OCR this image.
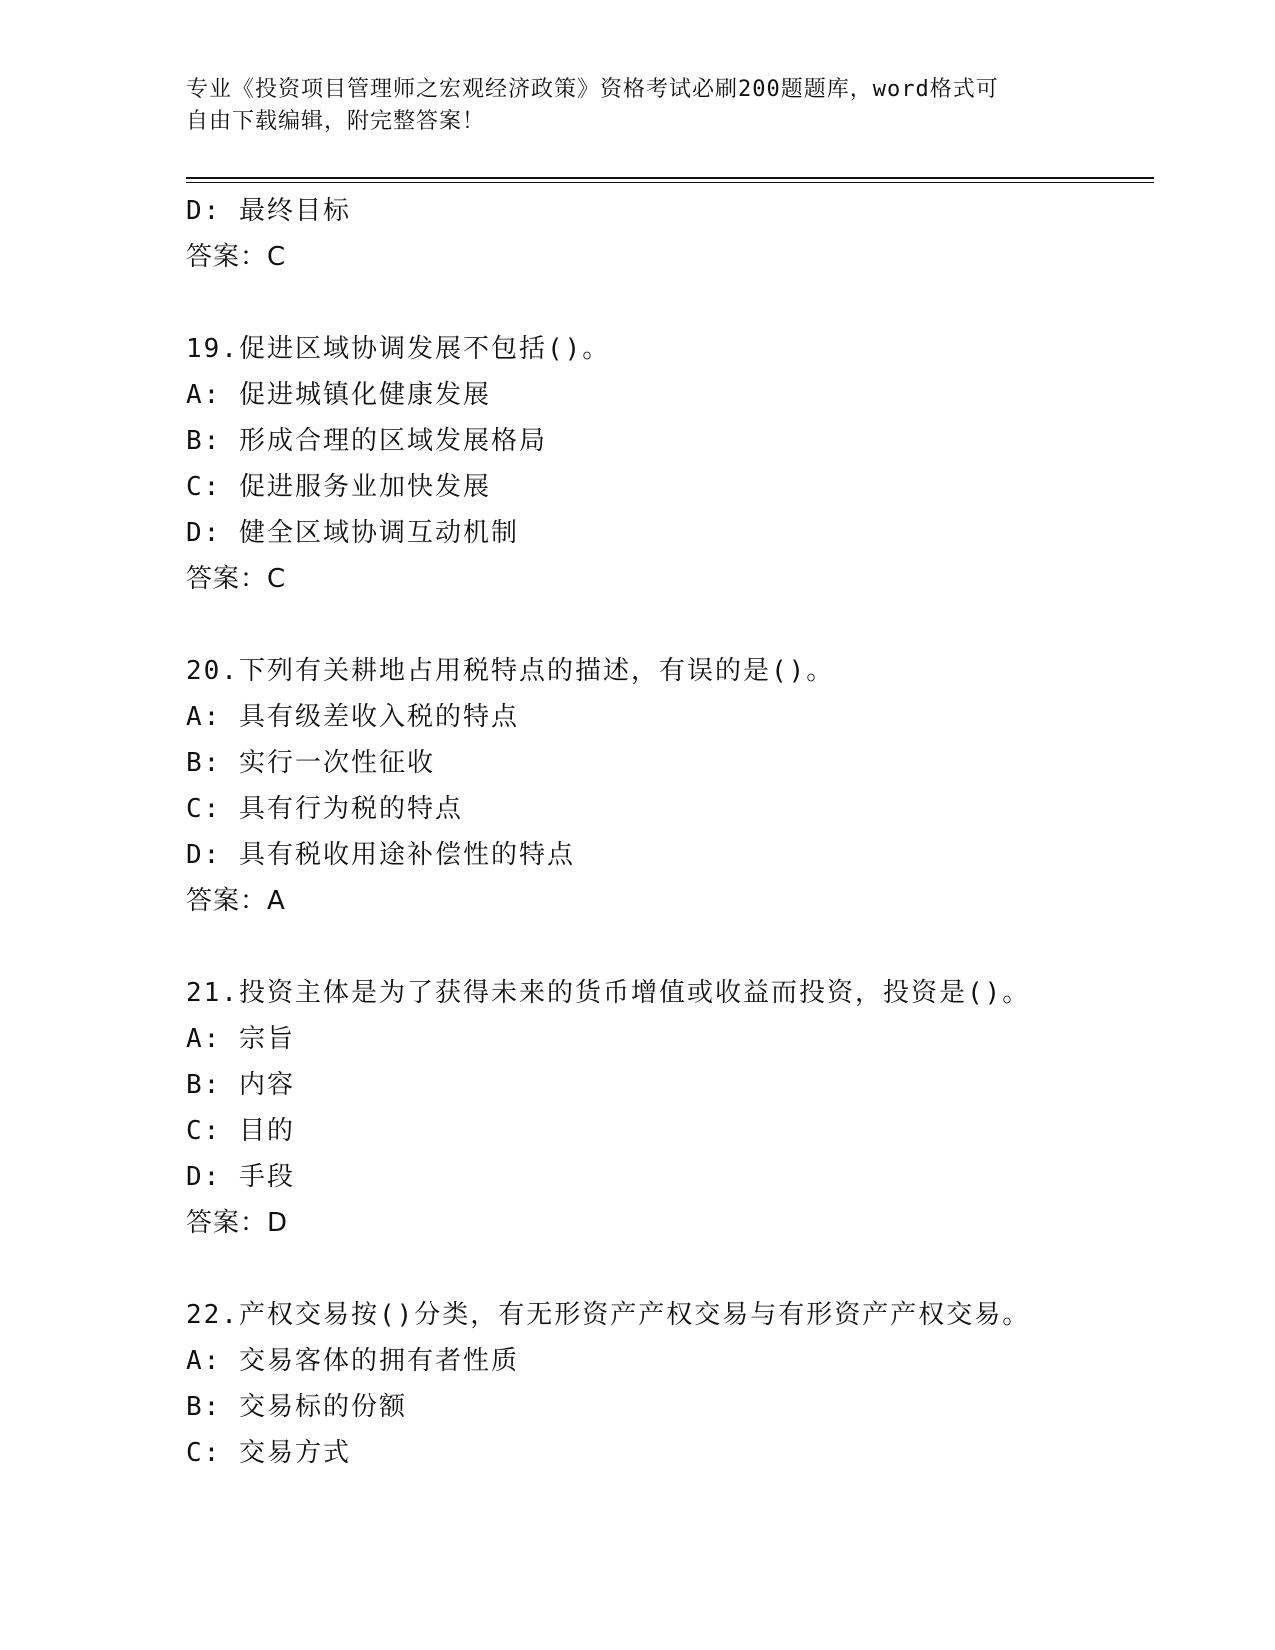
专业《投资项目管理师之宏观经济政策》资格考试必刷200题题库，word格式可
自由下载编辑，附完整答案！
D: 最终目标
答案：C
19.促进区域协调发展不包括()。
A: 促进城镇化健康发展
B: 形成合理的区域发展格局
C: 促进服务业加快发展
D: 健全区域协调互动机制
答案：C
20.下列有关耕地占用税特点的描述，有误的是()。
A: 具有级差收入税的特点
B: 实行一次性征收
C: 具有行为税的特点
D: 具有税收用途补偿性的特点
答案：A
21.投资主体是为了获得未来的货币增值或收益而投资，投资是()。
A: 宗旨
B: 内容
C: 目的
D: 手段
答案：D
22.产权交易按()分类，有无形资产产权交易与有形资产产权交易。
A: 交易客体的拥有者性质
B: 交易标的份额
C: 交易方式
